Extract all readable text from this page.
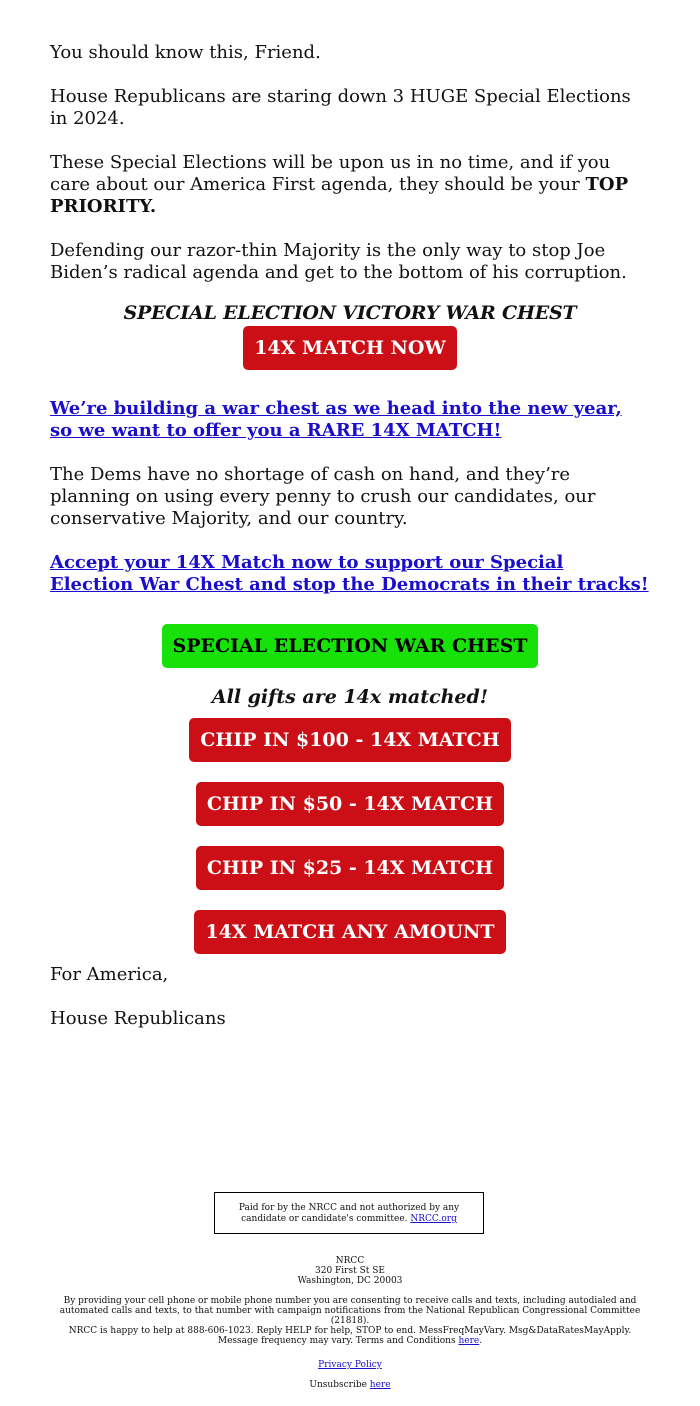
You should know this, Friend.

House Republicans are staring down 3 HUGE Special Elections in 2024.

These Special Elections will be upon us in no time, and if you care about our America First agenda, they should be your TOP PRIORITY.

Defending our razor-thin Majority is the only way to stop Joe Biden’s radical agenda and get to the bottom of his corruption.

SPECIAL ELECTION VICTORY WAR CHEST
14X MATCH NOW

We’re building a war chest as we head into the new year, so we want to offer you a RARE 14X MATCH!

The Dems have no shortage of cash on hand, and they’re planning on using every penny to crush our candidates, our conservative Majority, and our country.

Accept your 14X Match now to support our Special Election War Chest and stop the Democrats in their tracks!

SPECIAL ELECTION WAR CHEST
All gifts are 14x matched!
CHIP IN $100 - 14X MATCH
CHIP IN $50 - 14X MATCH
CHIP IN $25 - 14X MATCH
14X MATCH ANY AMOUNT

For America,

House Republicans

Paid for by the NRCC and not authorized by any candidate or candidate's committee. NRCC.org
NRCC
320 First St SE
Washington, DC 20003
By providing your cell phone or mobile phone number you are consenting to receive calls and texts, including autodialed and automated calls and texts, to that number with campaign notifications from the National Republican Congressional Committee (21818).
NRCC is happy to help at 888-606-1023. Reply HELP for help, STOP to end. MessFreqMayVary. Msg&DataRatesMayApply. Message frequency may vary. Terms and Conditions here.
Privacy Policy
Unsubscribe here
